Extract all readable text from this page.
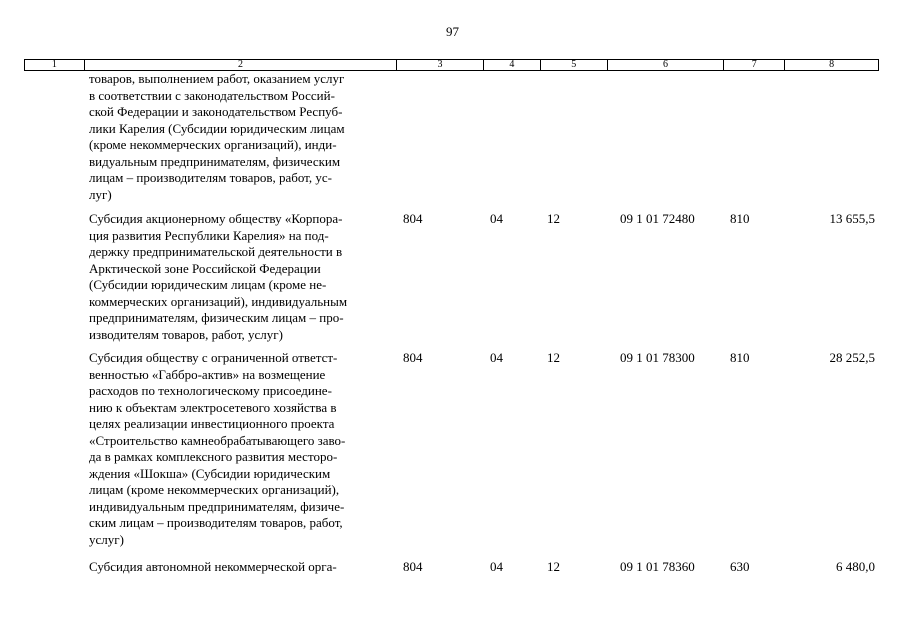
97
1	2	3	4	5	6	7	8
товаров, выполнением работ, оказанием услуг
в соответствии с законодательством Россий-
ской Федерации и законодательством Респуб-
лики Карелия (Субсидии юридическим лицам
(кроме некоммерческих организаций), инди-
видуальным предпринимателям, физическим
лицам – производителям товаров, работ, ус-
луг)
Субсидия акционерному обществу «Корпора-
ция развития Республики Карелия» на под-
держку предпринимательской деятельности в
Арктической зоне Российской Федерации
(Субсидии юридическим лицам (кроме не-
коммерческих организаций), индивидуальным
предпринимателям, физическим лицам – про-
изводителям товаров, работ, услуг)
804	04	12	09 1 01 72480	810	13 655,5
Субсидия обществу с ограниченной ответст-
венностью «Габбро-актив» на возмещение
расходов по технологическому присоедине-
нию к объектам электросетевого хозяйства в
целях реализации инвестиционного проекта
«Строительство камнеобрабатывающего заво-
да в рамках комплексного развития месторо-
ждения «Шокша» (Субсидии юридическим
лицам (кроме некоммерческих организаций),
индивидуальным предпринимателям, физиче-
ским лицам – производителям товаров, работ,
услуг)
804	04	12	09 1 01 78300	810	28 252,5
Субсидия автономной некоммерческой орга-	804	04	12	09 1 01 78360	630	6 480,0
